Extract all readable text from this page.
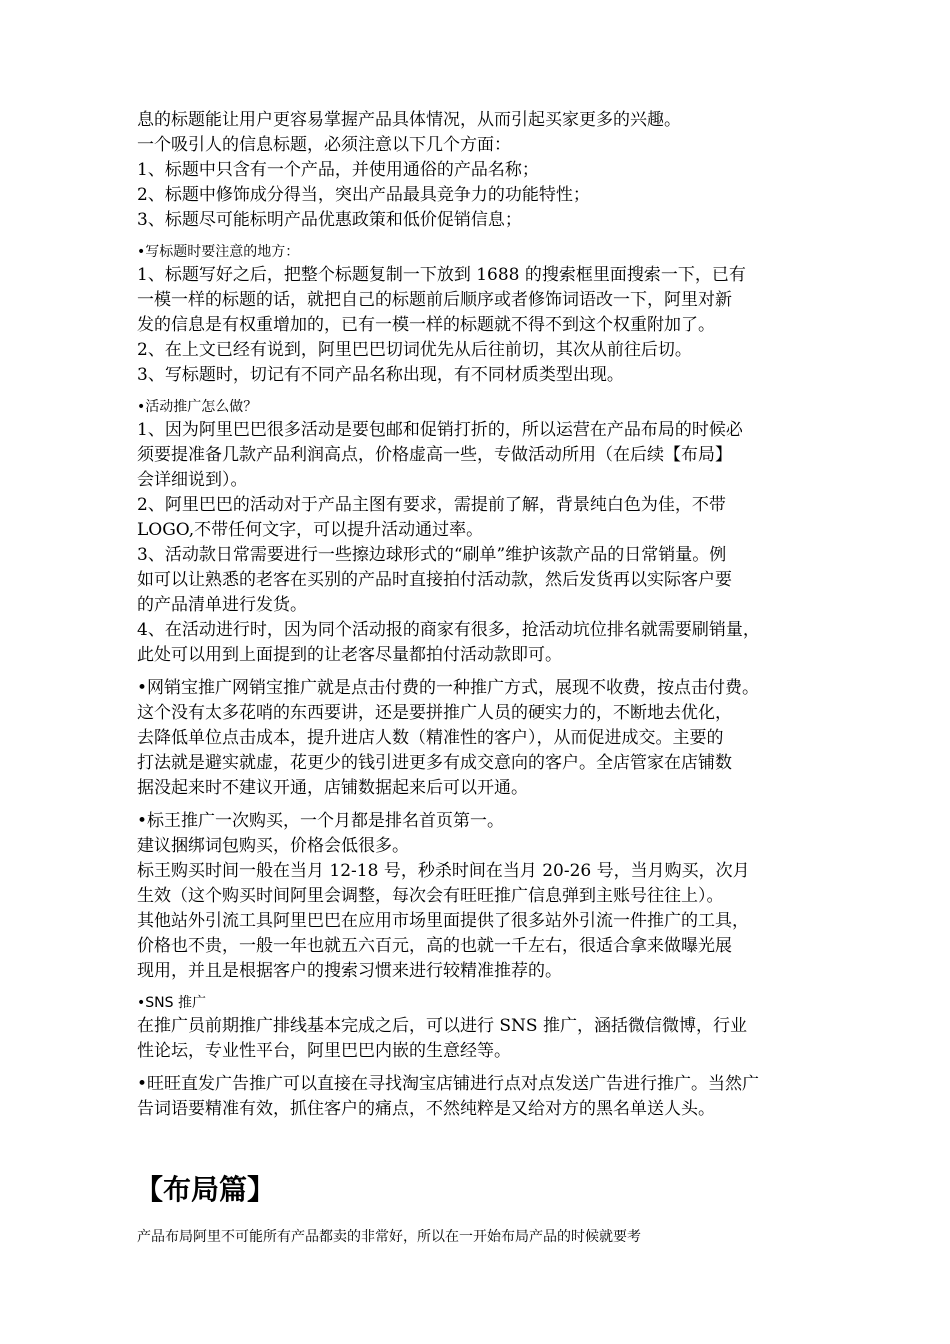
息的标题能让用户更容易掌握产品具体情况，从而引起买家更多的兴趣。

一个吸引人的信息标题，必须注意以下几个方面：

1、标题中只含有一个产品，并使用通俗的产品名称；

2、标题中修饰成分得当，突出产品最具竞争力的功能特性；

3、标题尽可能标明产品优惠政策和低价促销信息；

•写标题时要注意的地方：

1、标题写好之后，把整个标题复制一下放到 1688 的搜索框里面搜索一下，已有

一模一样的标题的话，就把自己的标题前后顺序或者修饰词语改一下，阿里对新

发的信息是有权重增加的，已有一模一样的标题就不得不到这个权重附加了。

2、在上文已经有说到，阿里巴巴切词优先从后往前切，其次从前往后切。

3、写标题时，切记有不同产品名称出现，有不同材质类型出现。

•活动推广怎么做？

1、因为阿里巴巴很多活动是要包邮和促销打折的，所以运营在产品布局的时候必

须要提准备几款产品利润高点，价格虚高一些，专做活动所用（在后续【布局】

会详细说到）。

2、阿里巴巴的活动对于产品主图有要求，需提前了解，背景纯白色为佳，不带

LOGO,不带任何文字，可以提升活动通过率。

3、活动款日常需要进行一些擦边球形式的“刷单”维护该款产品的日常销量。例

如可以让熟悉的老客在买别的产品时直接拍付活动款，然后发货再以实际客户要

的产品清单进行发货。

4、在活动进行时，因为同个活动报的商家有很多，抢活动坑位排名就需要刷销量，

此处可以用到上面提到的让老客尽量都拍付活动款即可。

•网销宝推广网销宝推广就是点击付费的一种推广方式，展现不收费，按点击付费。

这个没有太多花哨的东西要讲，还是要拼推广人员的硬实力的，不断地去优化，

去降低单位点击成本，提升进店人数（精准性的客户），从而促进成交。主要的

打法就是避实就虚，花更少的钱引进更多有成交意向的客户。全店管家在店铺数

据没起来时不建议开通，店铺数据起来后可以开通。

•标王推广一次购买，一个月都是排名首页第一。

建议捆绑词包购买，价格会低很多。

标王购买时间一般在当月 12-18 号，秒杀时间在当月 20-26 号，当月购买，次月

生效（这个购买时间阿里会调整，每次会有旺旺推广信息弹到主账号往往上）。

其他站外引流工具阿里巴巴在应用市场里面提供了很多站外引流一件推广的工具，

价格也不贵，一般一年也就五六百元，高的也就一千左右，很适合拿来做曝光展

现用，并且是根据客户的搜索习惯来进行较精准推荐的。

•SNS 推广

在推广员前期推广排线基本完成之后，可以进行 SNS 推广，涵括微信微博，行业

性论坛，专业性平台，阿里巴巴内嵌的生意经等。

•旺旺直发广告推广可以直接在寻找淘宝店铺进行点对点发送广告进行推广。当然广

告词语要精准有效，抓住客户的痛点，不然纯粹是又给对方的黑名单送人头。

【布局篇】

产品布局阿里不可能所有产品都卖的非常好，所以在一开始布局产品的时候就要考
